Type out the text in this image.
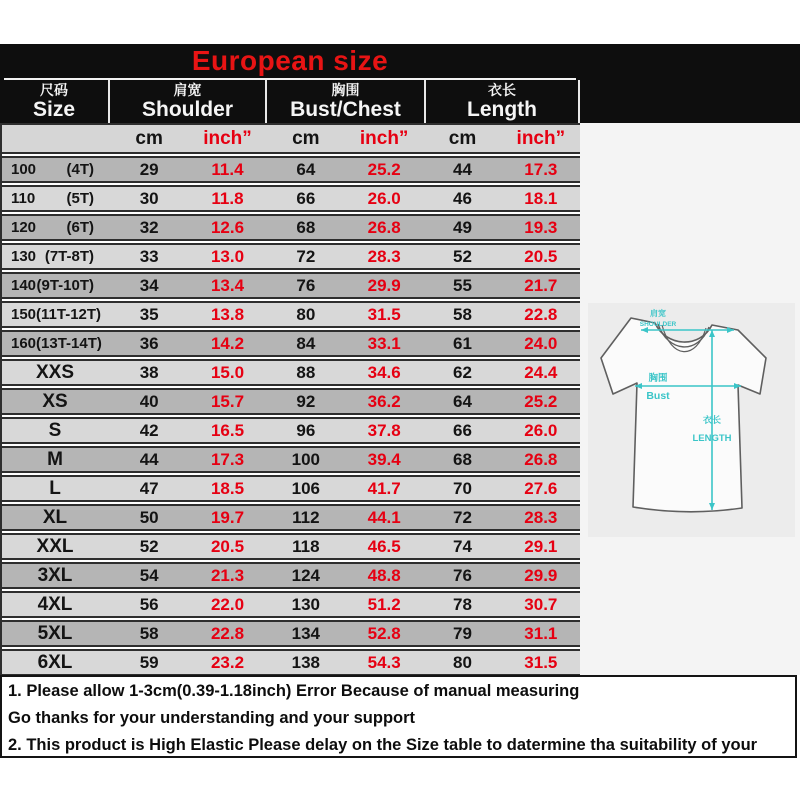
European size
尺码
Size
肩宽
Shoulder
胸围
Bust/Chest
衣长
Length
cm	inch”	cm	inch”	cm	inch”
100 (4T)	29	11.4	64	25.2	44	17.3
110 (5T)	30	11.8	66	26.0	46	18.1
120 (6T)	32	12.6	68	26.8	49	19.3
130 (7T-8T)	33	13.0	72	28.3	52	20.5
140 (9T-10T)	34	13.4	76	29.9	55	21.7
150 (11T-12T)	35	13.8	80	31.5	58	22.8
160 (13T-14T)	36	14.2	84	33.1	61	24.0
XXS	38	15.0	88	34.6	62	24.4
XS	40	15.7	92	36.2	64	25.2
S	42	16.5	96	37.8	66	26.0
M	44	17.3	100	39.4	68	26.8
L	47	18.5	106	41.7	70	27.6
XL	50	19.7	112	44.1	72	28.3
XXL	52	20.5	118	46.5	74	29.1
3XL	54	21.3	124	48.8	76	29.9
4XL	56	22.0	130	51.2	78	30.7
5XL	58	22.8	134	52.8	79	31.1
6XL	59	23.2	138	54.3	80	31.5
肩宽
SHOULDER
胸围
Bust
衣长
LENGTH
1. Please allow 1-3cm(0.39-1.18inch) Error Because of manual measuring
Go thanks for your understanding and your support
2. This product is High Elastic Please delay on the Size table to datermine tha suitability of your
